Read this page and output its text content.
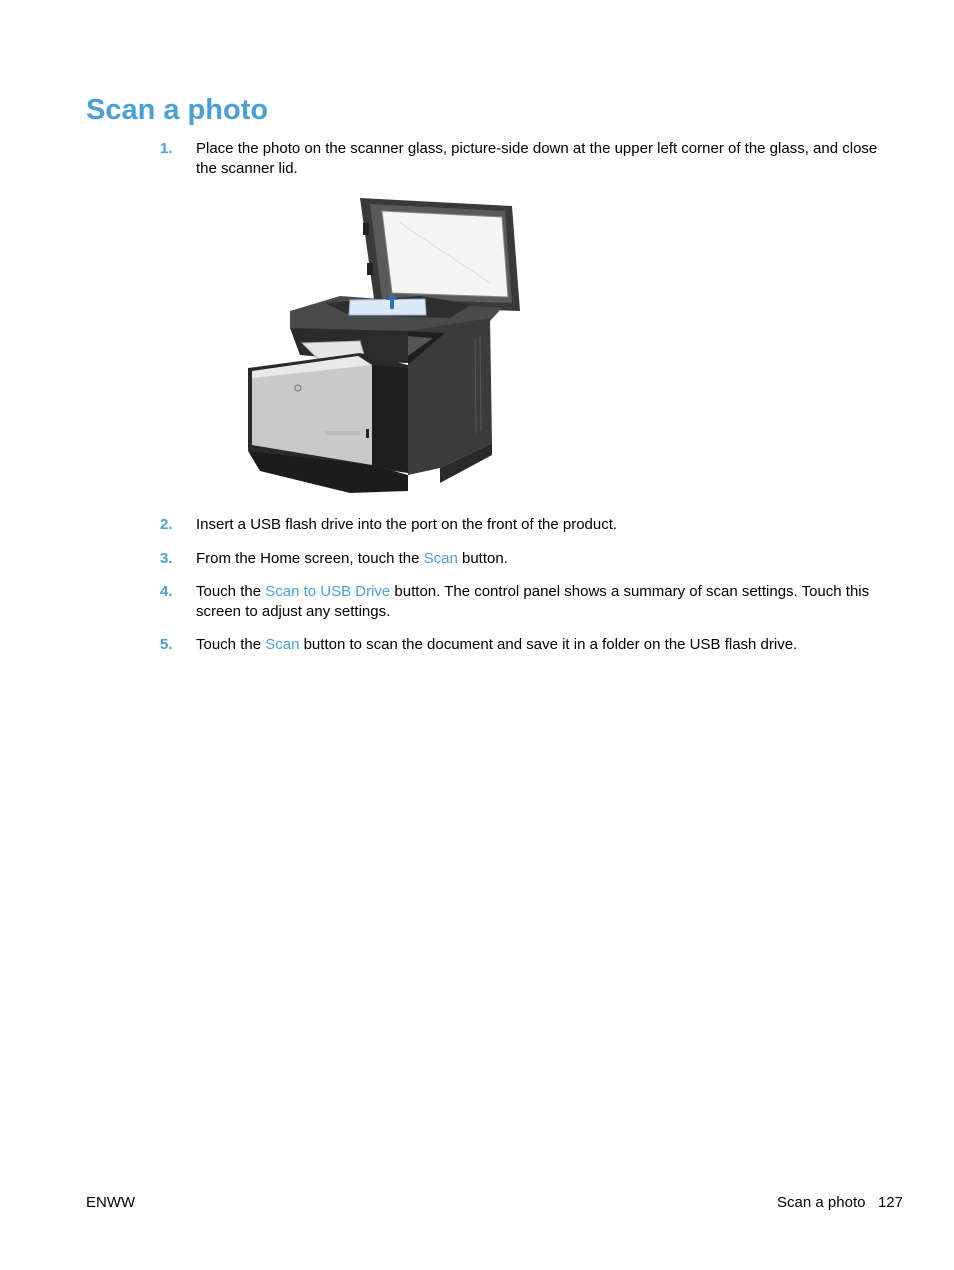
Scan a photo
1.	Place the photo on the scanner glass, picture-side down at the upper left corner of the glass, and close the scanner lid.
2.	Insert a USB flash drive into the port on the front of the product.
3.	From the Home screen, touch the Scan button.
4.	Touch the Scan to USB Drive button. The control panel shows a summary of scan settings. Touch this screen to adjust any settings.
5.	Touch the Scan button to scan the document and save it in a folder on the USB flash drive.
ENWW	Scan a photo 127
